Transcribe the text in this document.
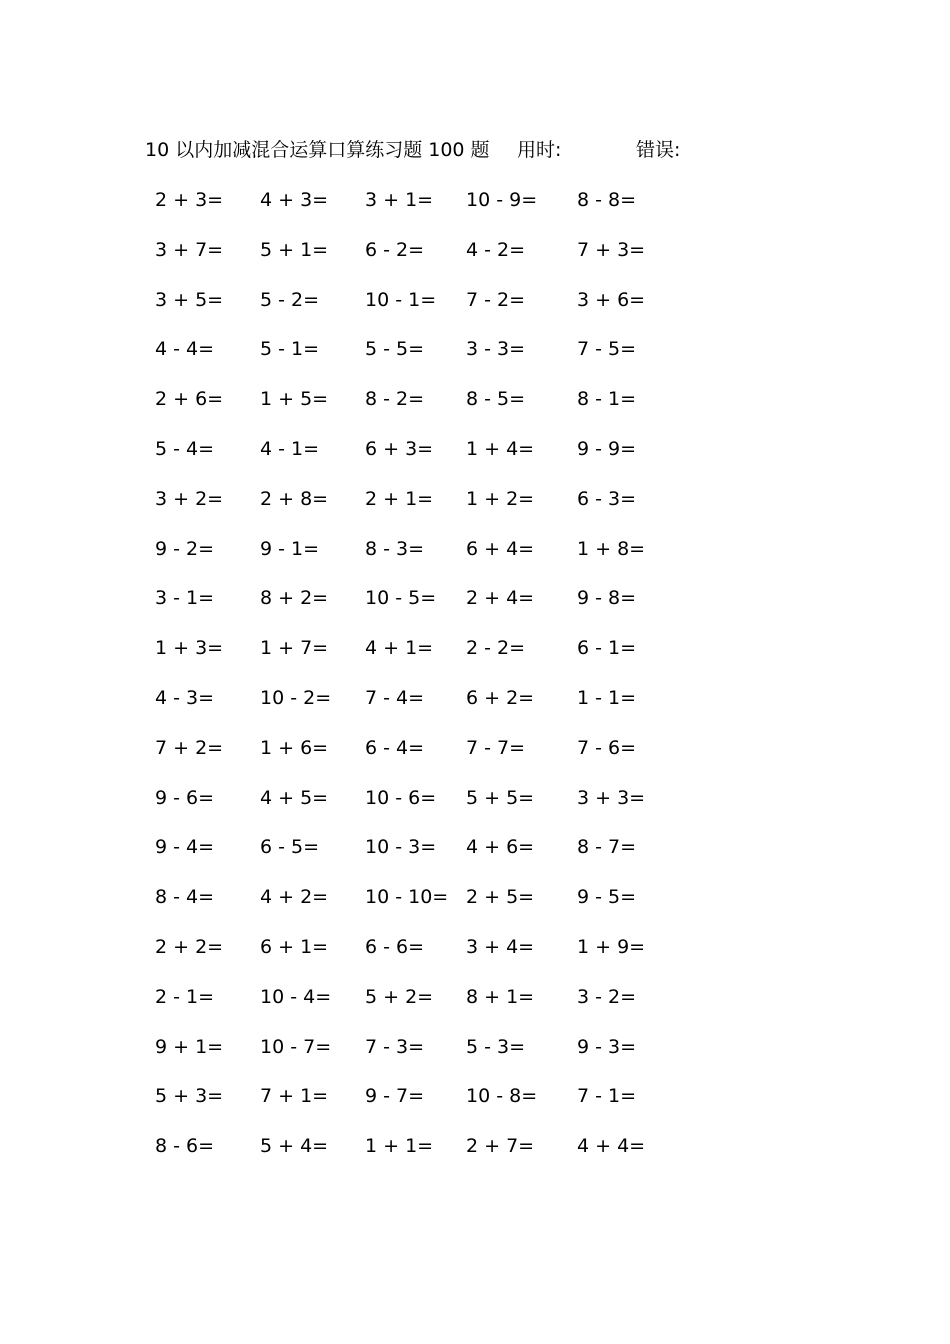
10 以内加减混合运算口算练习题 100 题 用时:	错误:
2 + 3= 4 + 3= 3 + 1= 10 - 9= 8 - 8=
3 + 7= 5 + 1= 6 - 2= 4 - 2=	7 + 3=
3 + 5= 5 - 2= 10 - 1= 7 - 2=	3 + 6=
4 - 4= 5 - 1= 5 - 5= 3 - 3=	7 - 5=
2 + 6= 1 + 5= 8 - 2= 8 - 5=	8 - 1=
5 - 4= 4 - 1= 6 + 3= 1 + 4= 9 - 9=
3 + 2= 2 + 8= 2 + 1= 1 + 2= 6 - 3=
9 - 2= 9 - 1= 8 - 3= 6 + 4= 1 + 8=
3 - 1= 8 + 2= 10 - 5= 2 + 4= 9 - 8=
1 + 3= 1 + 7= 4 + 1= 2 - 2=	6 - 1=
4 - 3= 10 - 2= 7 - 4= 6 + 2= 1 - 1=
7 + 2= 1 + 6= 6 - 4= 7 - 7=	7 - 6=
9 - 6= 4 + 5= 10 - 6= 5 + 5= 3 + 3=
9 - 4= 6 - 5= 10 - 3= 4 + 6= 8 - 7=
8 - 4= 4 + 2= 10 - 10= 2 + 5= 9 - 5=
2 + 2= 6 + 1= 6 - 6= 3 + 4= 1 + 9=
2 - 1= 10 - 4= 5 + 2= 8 + 1= 3 - 2=
9 + 1= 10 - 7= 7 - 3= 5 - 3=	9 - 3=
5 + 3= 7 + 1= 9 - 7= 10 - 8= 7 - 1=
8 - 6= 5 + 4= 1 + 1= 2 + 7= 4 + 4=
